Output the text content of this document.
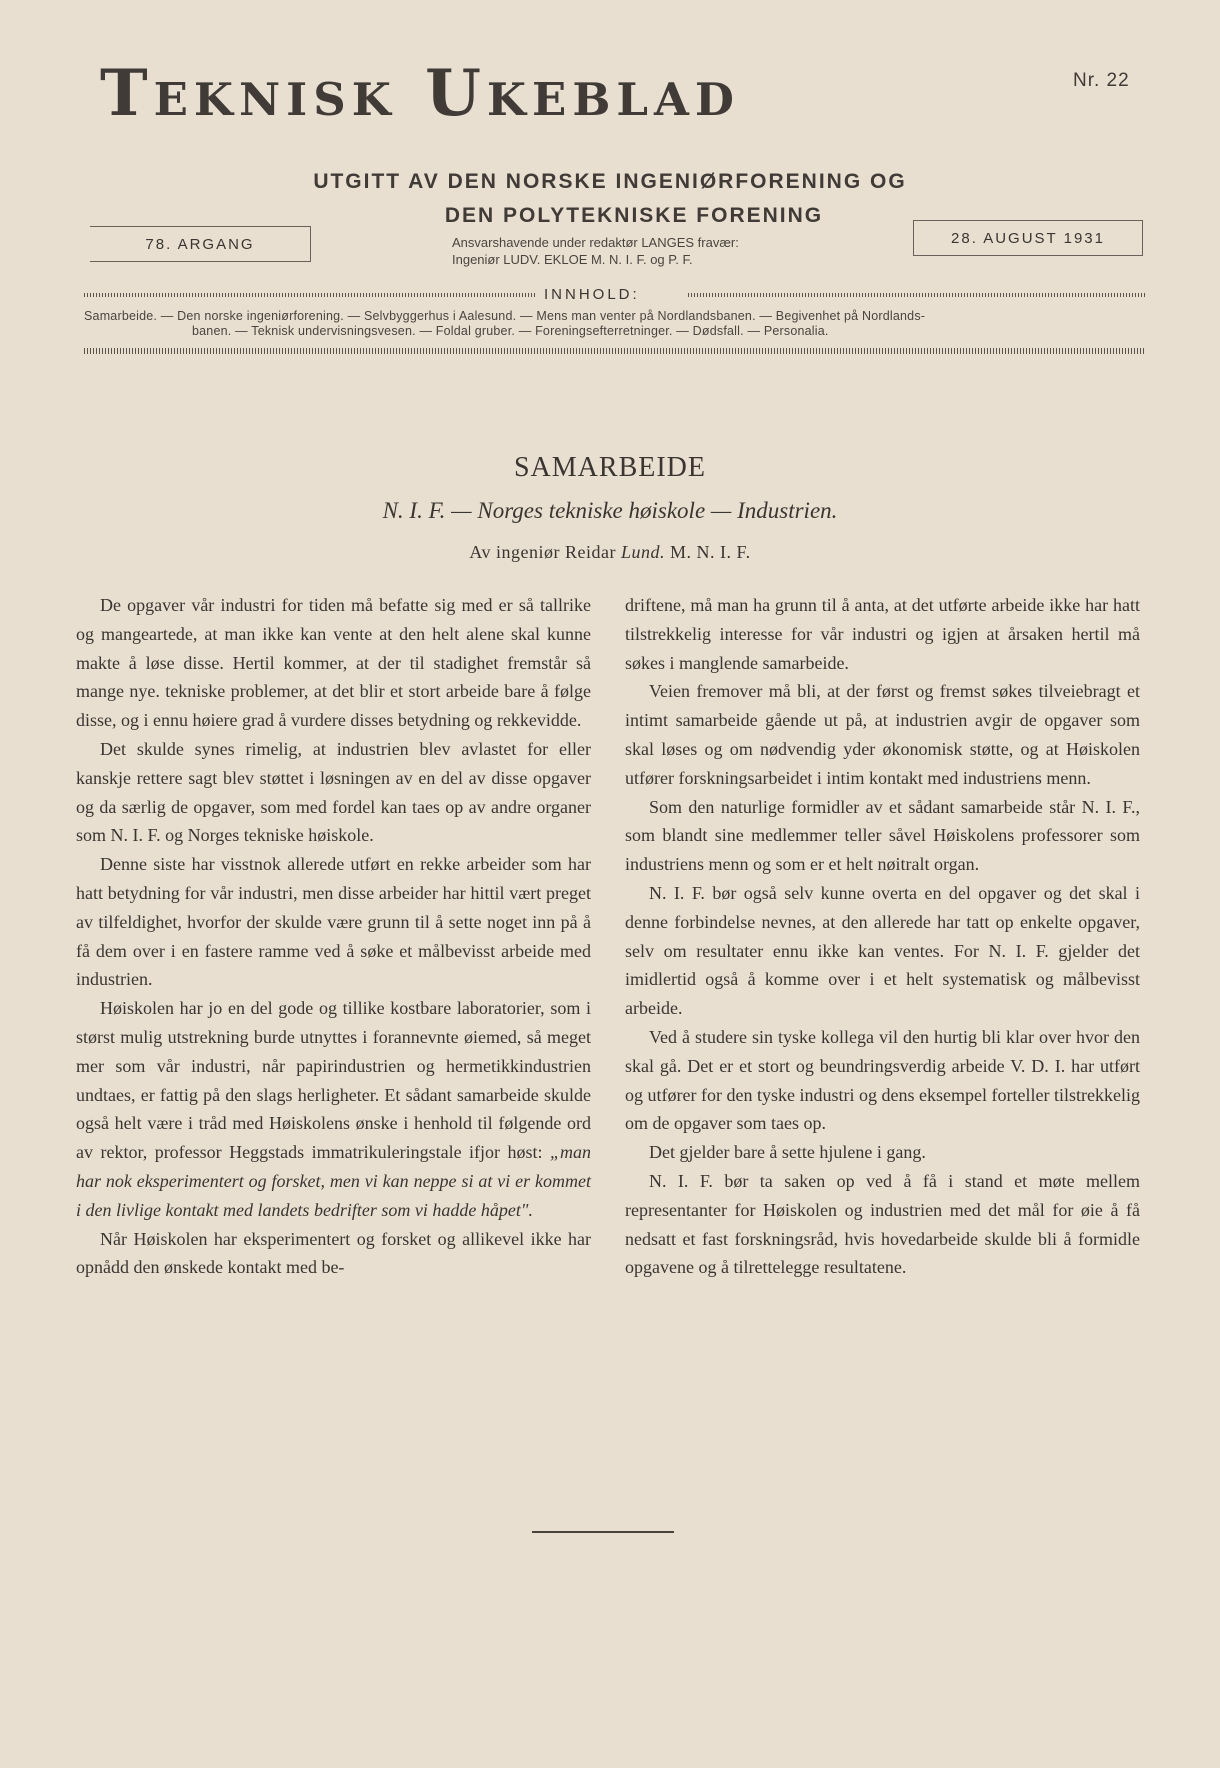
Teknisk Ukeblad	Nr. 22
UTGITT AV DEN NORSKE INGENIØRFORENING OG
DEN POLYTEKNISKE FORENING
78. ARGANG	28. AUGUST 1931
Ansvarshavende under redaktør LANGES fravær:
Ingeniør LUDV. EKLOE M. N. I. F. og P. F.
INNHOLD:
Samarbeide. — Den norske ingeniørforening. — Selvbyggerhus i Aalesund. — Mens man venter på Nordlandsbanen. — Begivenhet på Nordlands-
banen. — Teknisk undervisningsvesen. — Foldal gruber. — Foreningsefterretninger. — Dødsfall. — Personalia.
SAMARBEIDE
N. I. F. — Norges tekniske høiskole — Industrien.
Av ingeniør Reidar Lund. M. N. I. F.

De opgaver vår industri for tiden må befatte sig med er så tallrike og mangeartede, at man ikke kan vente at den helt alene skal kunne makte å løse disse. Hertil kommer, at der til stadighet fremstår så mange nye. tekniske problemer, at det blir et stort arbeide bare å følge disse, og i ennu høiere grad å vurdere disses betydning og rekkevidde.

Det skulde synes rimelig, at industrien blev avlastet for eller kanskje rettere sagt blev støttet i løsningen av en del av disse opgaver og da særlig de opgaver, som med fordel kan taes op av andre organer som N. I. F. og Norges tekniske høiskole.

Denne siste har visstnok allerede utført en rekke arbeider som har hatt betydning for vår industri, men disse arbeider har hittil vært preget av tilfeldighet, hvorfor der skulde være grunn til å sette noget inn på å få dem over i en fastere ramme ved å søke et målbevisst arbeide med industrien.

Høiskolen har jo en del gode og tillike kostbare laboratorier, som i størst mulig utstrekning burde utnyttes i forannevnte øiemed, så meget mer som vår industri, når papirindustrien og hermetikkindustrien undtaes, er fattig på den slags herligheter. Et sådant samarbeide skulde også helt være i tråd med Høiskolens ønske i henhold til følgende ord av rektor, professor Heggstads immatrikuleringstale ifjor høst: „man har nok eksperimentert og forsket, men vi kan neppe si at vi er kommet i den livlige kontakt med landets bedrifter som vi hadde håpet".

Når Høiskolen har eksperimentert og forsket og allikevel ikke har opnådd den ønskede kontakt med be-

driftene, må man ha grunn til å anta, at det utførte arbeide ikke har hatt tilstrekkelig interesse for vår industri og igjen at årsaken hertil må søkes i manglende samarbeide.

Veien fremover må bli, at der først og fremst søkes tilveiebragt et intimt samarbeide gående ut på, at industrien avgir de opgaver som skal løses og om nødvendig yder økonomisk støtte, og at Høiskolen utfører forskningsarbeidet i intim kontakt med industriens menn.

Som den naturlige formidler av et sådant samarbeide står N. I. F., som blandt sine medlemmer teller såvel Høiskolens professorer som industriens menn og som er et helt nøitralt organ.

N. I. F. bør også selv kunne overta en del opgaver og det skal i denne forbindelse nevnes, at den allerede har tatt op enkelte opgaver, selv om resultater ennu ikke kan ventes. For N. I. F. gjelder det imidlertid også å komme over i et helt systematisk og målbevisst arbeide.

Ved å studere sin tyske kollega vil den hurtig bli klar over hvor den skal gå. Det er et stort og beundringsverdig arbeide V. D. I. har utført og utfører for den tyske industri og dens eksempel forteller tilstrekkelig om de opgaver som taes op.

Det gjelder bare å sette hjulene i gang.

N. I. F. bør ta saken op ved å få i stand et møte mellem representanter for Høiskolen og industrien med det mål for øie å få nedsatt et fast forskningsråd, hvis hovedarbeide skulde bli å formidle opgavene og å tilrettelegge resultatene.
